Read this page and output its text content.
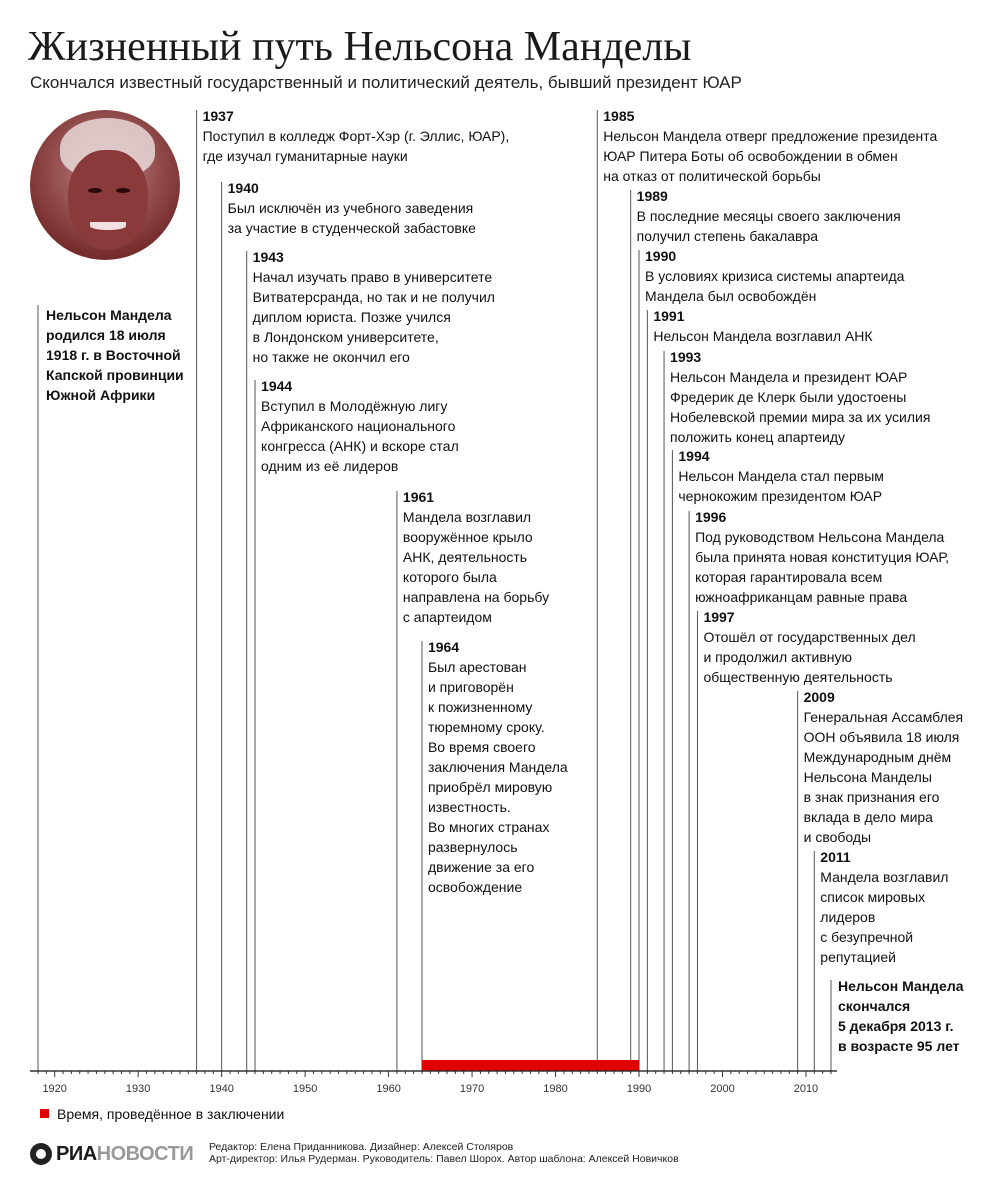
Жизненный путь Нельсона Манделы
Скончался известный государственный и политический деятель, бывший президент ЮАР
Нельсон Мандела
родился 18 июля
1918 г. в Восточной
Капской провинции
Южной Африки
Нельсон Мандела
скончался
5 декабря 2013 г.
в возрасте 95 лет
1920	1930	1940	1950	1960	1970	1980	1990	2000	2010
1937
Поступил в колледж Форт-Хэр (г. Эллис, ЮАР),
где изучал гуманитарные науки
1940
Был исключён из учебного заведения
за участие в студенческой забастовке
1943
Начал изучать право в университете
Витватерсранда, но так и не получил
диплом юриста. Позже учился
в Лондонском университете,
но также не окончил его
1944
Вступил в Молодёжную лигу
Африканского национального
конгресса (АНК) и вскоре стал
одним из её лидеров
1961
Мандела возглавил
вооружённое крыло
АНК, деятельность
которого была
направлена на борьбу
с апартеидом
1964
Был арестован
и приговорён
к пожизненному
тюремному сроку.
Во время своего
заключения Мандела
приобрёл мировую
известность.
Во многих странах
развернулось
движение за его
освобождение
1985
Нельсон Мандела отверг предложение президента
ЮАР Питера Боты об освобождении в обмен
на отказ от политической борьбы
1989
В последние месяцы своего заключения
получил степень бакалавра
1990
В условиях кризиса системы апартеида
Мандела был освобождён
1991
Нельсон Мандела возглавил АНК
1993
Нельсон Мандела и президент ЮАР
Фредерик де Клерк были удостоены
Нобелевской премии мира за их усилия
положить конец апартеиду
1994
Нельсон Мандела стал первым
чернокожим президентом ЮАР
1996
Под руководством Нельсона Мандела
была принята новая конституция ЮАР,
которая гарантировала всем
южноафриканцам равные права
1997
Отошёл от государственных дел
и продолжил активную
общественную деятельность
2009
Генеральная Ассамблея
ООН объявила 18 июля
Международным днём
Нельсона Манделы
в знак признания его
вклада в дело мира
и свободы
2011
Мандела возглавил
список мировых
лидеров
с безупречной
репутацией
Время, проведённое в заключении
РИА НОВОСТИ Редактор: Елена Приданникова. Дизайнер: Алексей Столяров
Арт-директор: Илья Рудерман. Руководитель: Павел Шорох. Автор шаблона: Алексей Новичков
